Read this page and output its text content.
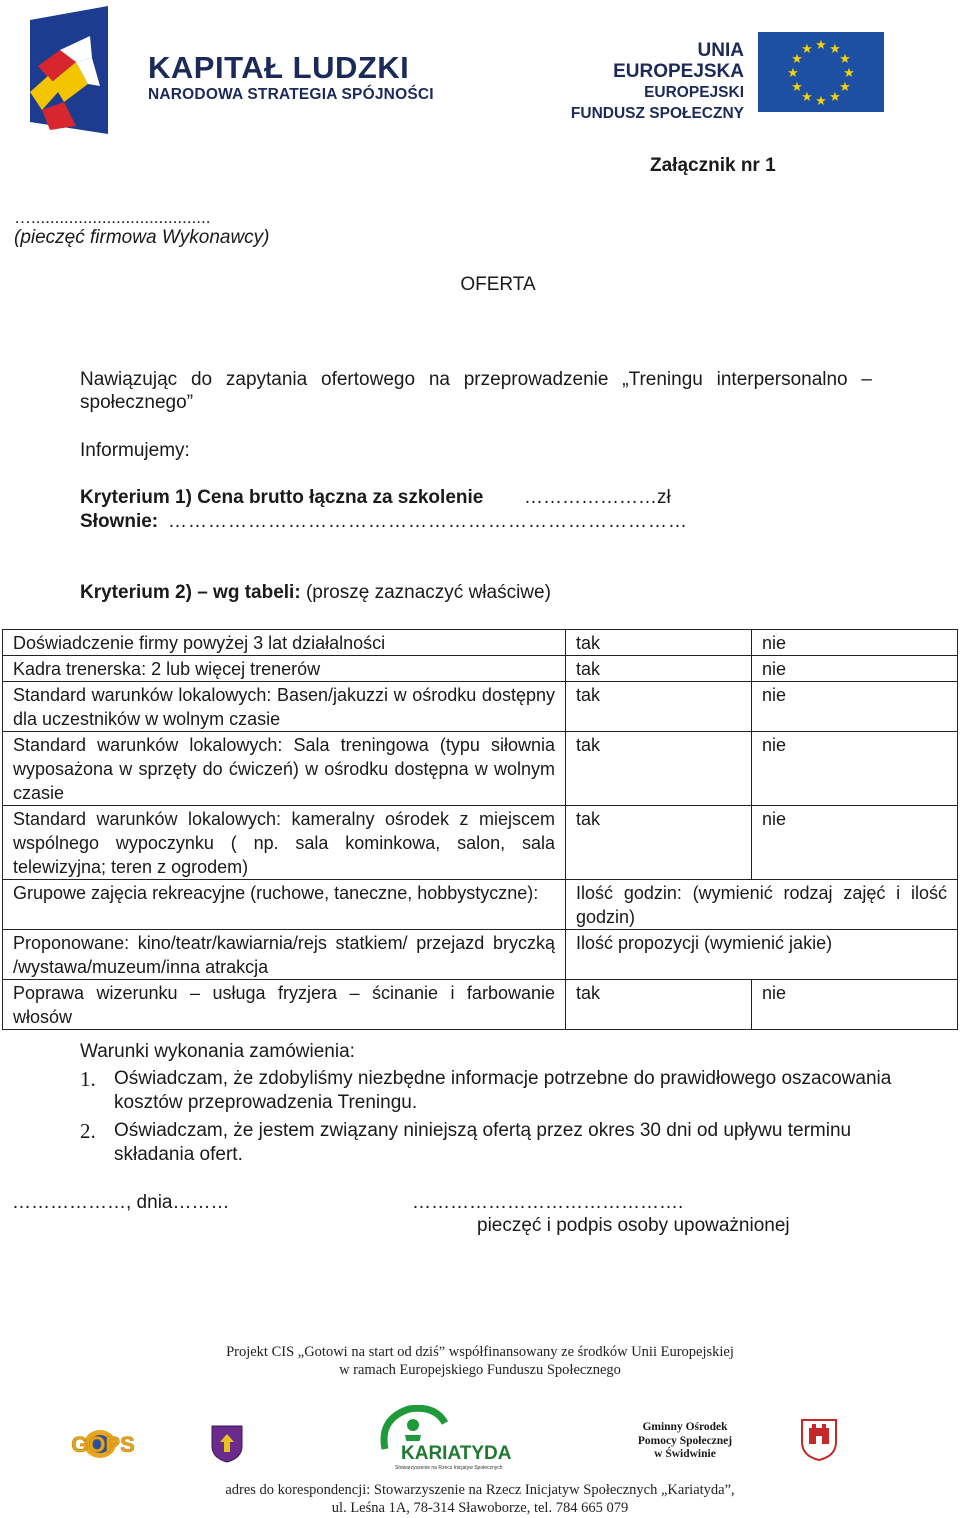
KAPITAŁ LUDZKI
NARODOWA STRATEGIA SPÓJNOŚCI
UNIA EUROPEJSKA
EUROPEJSKI
FUNDUSZ SPOŁECZNY
★ ★
★
★
★
★
★
★
★
★
★
★
Załącznik nr 1
…......................................
(pieczęć firmowa Wykonawcy)
OFERTA
Nawiązując do zapytania ofertowego na przeprowadzenie „Treningu interpersonalno –
społecznego”
Informujemy:
Kryterium 1) Cena brutto łączna za szkolenie …………………zł
Słownie: ……………………………………………………………………
Kryterium 2) – wg tabeli: (proszę zaznaczyć właściwe)
Doświadczenie firmy powyżej 3 lat działalności	tak	nie
Kadra trenerska: 2 lub więcej trenerów	tak	nie
Standard warunków lokalowych: Basen/jakuzzi w ośrodku dostępny dla uczestników w wolnym czasie	tak	nie
Standard warunków lokalowych: Sala treningowa (typu siłownia wyposażona w sprzęty do ćwiczeń) w ośrodku dostępna w wolnym czasie	tak	nie
Standard warunków lokalowych: kameralny ośrodek z miejscem wspólnego wypoczynku ( np. sala kominkowa, salon, sala telewizyjna; teren z ogrodem)	tak	nie
Grupowe zajęcia rekreacyjne (ruchowe, taneczne, hobbystyczne):	Ilość godzin: (wymienić rodzaj zajęć i ilość godzin)	
Proponowane: kino/teatr/kawiarnia/rejs statkiem/ przejazd bryczką /wystawa/muzeum/inna atrakcja	Ilość propozycji (wymienić jakie)	
Poprawa wizerunku – usługa fryzjera – ścinanie i farbowanie włosów	tak	nie
Warunki wykonania zamówienia:
1. Oświadczam, że zdobyliśmy niezbędne informacje potrzebne do prawidłowego oszacowania kosztów przeprowadzenia Treningu.
2. Oświadczam, że jestem związany niniejszą ofertą przez okres 30 dni od upływu terminu składania ofert.
………………, dnia………	…………………………………….
pieczęć i podpis osoby upoważnionej
Projekt CIS „Gotowi na start od dziś” współfinansowany ze środków Unii Europejskiej
w ramach Europejskiego Funduszu Społecznego
GOPS	KARIATYDA
Stowarzyszenie na Rzecz Inicjatyw Społecznych
Gminny Ośrodek
Pomocy Społecznej
w Świdwinie
adres do korespondencji: Stowarzyszenie na Rzecz Inicjatyw Społecznych „Kariatyda”,
ul. Leśna 1A, 78-314 Sławoborze, tel. 784 665 079
